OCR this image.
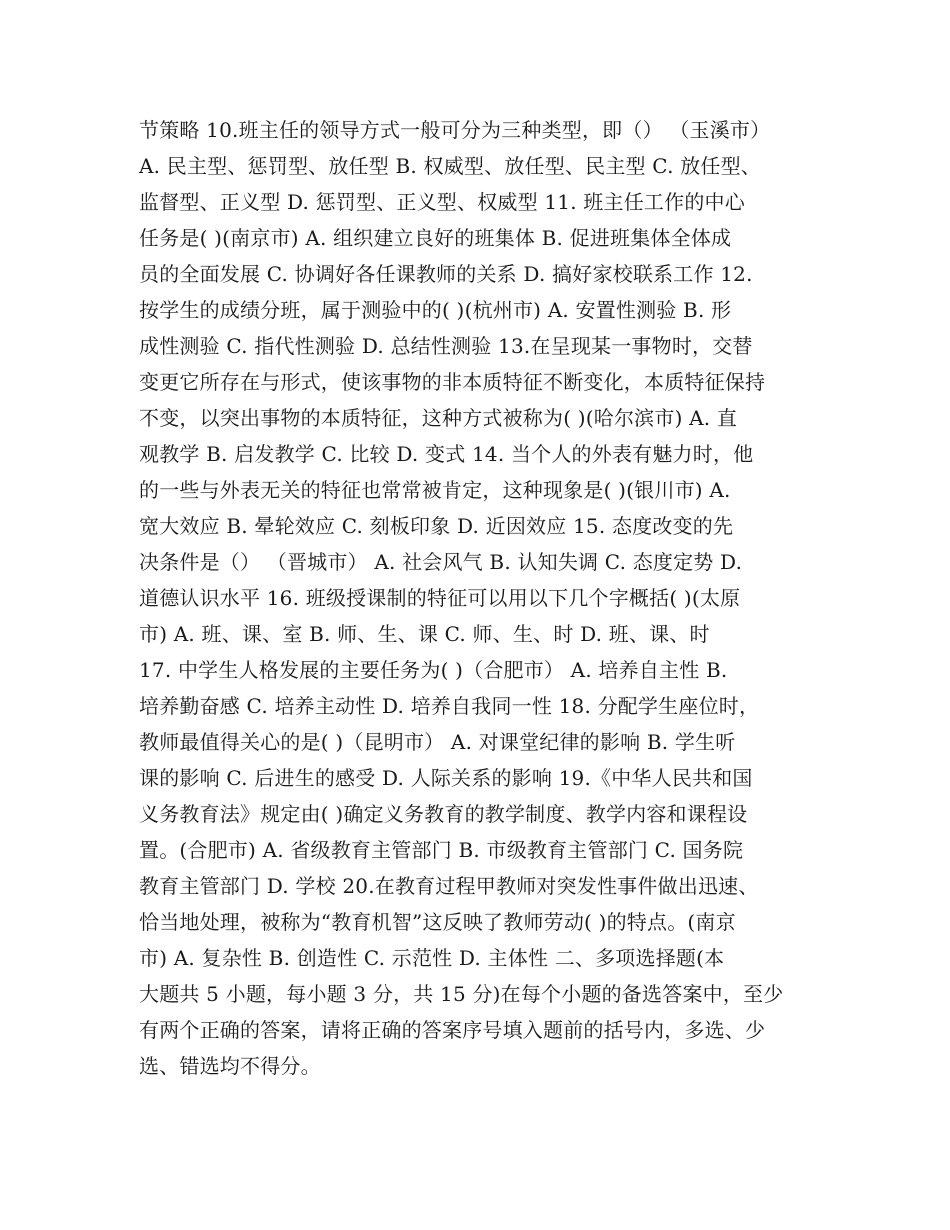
节策略 10.班主任的领导方式一般可分为三种类型，即（） （玉溪市）
A. 民主型、惩罚型、放任型 B. 权威型、放任型、民主型 C. 放任型、
监督型、正义型 D. 惩罚型、正义型、权威型 11. 班主任工作的中心
任务是( )(南京市) A. 组织建立良好的班集体 B. 促进班集体全体成
员的全面发展 C. 协调好各任课教师的关系 D. 搞好家校联系工作 12.
按学生的成绩分班，属于测验中的( )(杭州市) A. 安置性测验 B. 形
成性测验 C. 指代性测验 D. 总结性测验 13.在呈现某一事物时，交替
变更它所存在与形式，使该事物的非本质特征不断变化，本质特征保持
不变，以突出事物的本质特征，这种方式被称为( )(哈尔滨市) A. 直
观教学 B. 启发教学 C. 比较 D. 变式 14. 当个人的外表有魅力时，他
的一些与外表无关的特征也常常被肯定，这种现象是( )(银川市) A.
宽大效应 B. 晕轮效应 C. 刻板印象 D. 近因效应 15. 态度改变的先
决条件是（） （晋城市） A. 社会风气 B. 认知失调 C. 态度定势 D.
道德认识水平 16. 班级授课制的特征可以用以下几个字概括( )(太原
市) A. 班、课、室 B. 师、生、课 C. 师、生、时 D. 班、课、时
17. 中学生人格发展的主要任务为( )（合肥市） A. 培养自主性 B.
培养勤奋感 C. 培养主动性 D. 培养自我同一性 18. 分配学生座位时，
教师最值得关心的是( )（昆明市） A. 对课堂纪律的影响 B. 学生听
课的影响 C. 后进生的感受 D. 人际关系的影响 19.《中华人民共和国
义务教育法》规定由( )确定义务教育的教学制度、教学内容和课程设
置。(合肥市) A. 省级教育主管部门 B. 市级教育主管部门 C. 国务院
教育主管部门 D. 学校 20.在教育过程甲教师对突发性事件做出迅速、
恰当地处理，被称为“教育机智”这反映了教师劳动( )的特点。(南京
市) A. 复杂性 B. 创造性 C. 示范性 D. 主体性 二、多项选择题(本
大题共 5 小题，每小题 3 分，共 15 分)在每个小题的备选答案中，至少
有两个正确的答案，请将正确的答案序号填入题前的括号内，多选、少
选、错选均不得分。
